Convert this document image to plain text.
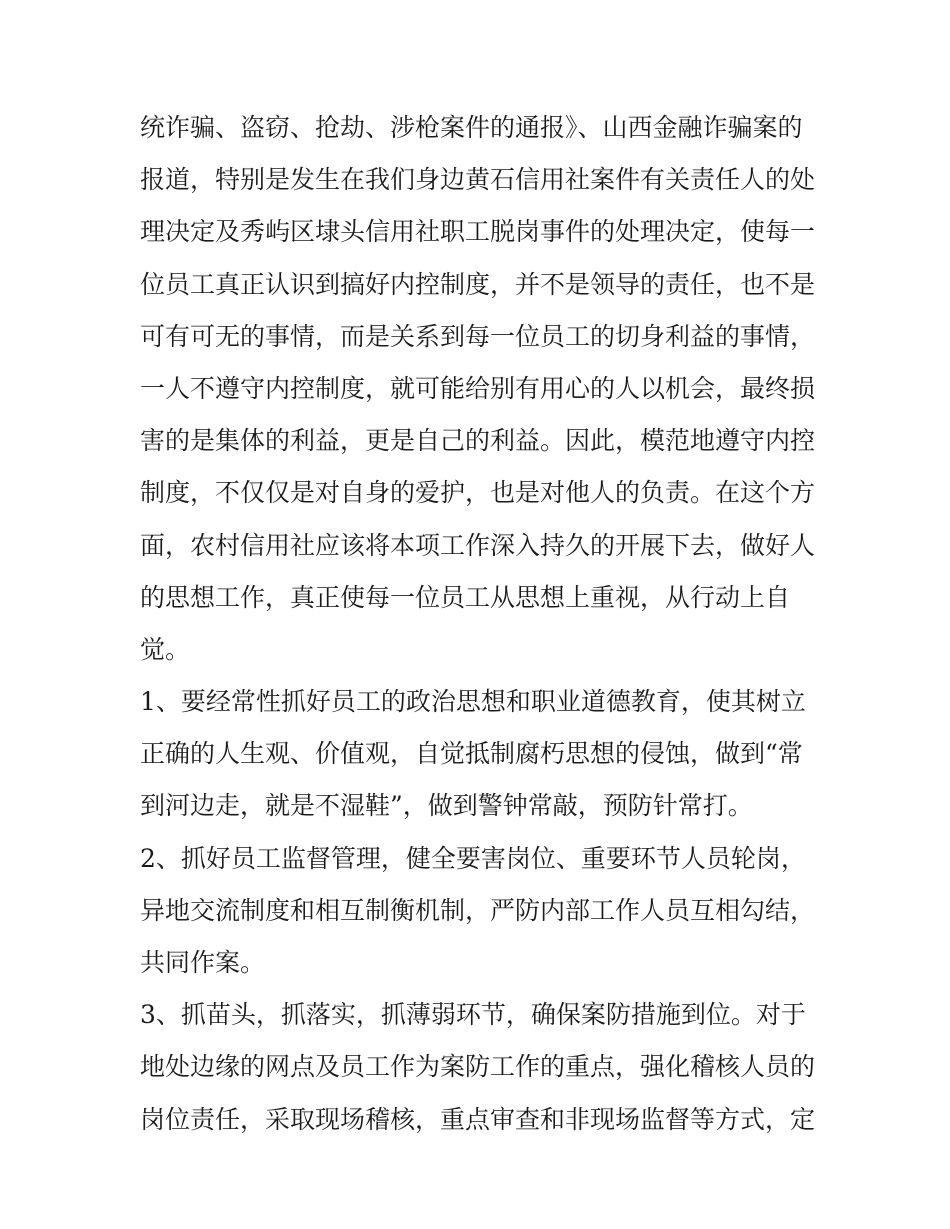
统诈骗、盗窃、抢劫、涉枪案件的通报》、山西金融诈骗案的
报道，特别是发生在我们身边黄石信用社案件有关责任人的处
理决定及秀屿区埭头信用社职工脱岗事件的处理决定，使每一
位员工真正认识到搞好内控制度，并不是领导的责任，也不是
可有可无的事情，而是关系到每一位员工的切身利益的事情，
一人不遵守内控制度，就可能给别有用心的人以机会，最终损
害的是集体的利益，更是自己的利益。因此，模范地遵守内控
制度，不仅仅是对自身的爱护，也是对他人的负责。在这个方
面，农村信用社应该将本项工作深入持久的开展下去，做好人
的思想工作，真正使每一位员工从思想上重视，从行动上自
觉。
1、要经常性抓好员工的政治思想和职业道德教育，使其树立
正确的人生观、价值观，自觉抵制腐朽思想的侵蚀，做到“常
到河边走，就是不湿鞋”，做到警钟常敲，预防针常打。
2、抓好员工监督管理，健全要害岗位、重要环节人员轮岗，
异地交流制度和相互制衡机制，严防内部工作人员互相勾结，
共同作案。
3、抓苗头，抓落实，抓薄弱环节，确保案防措施到位。对于
地处边缘的网点及员工作为案防工作的重点，强化稽核人员的
岗位责任，采取现场稽核，重点审查和非现场监督等方式，定
